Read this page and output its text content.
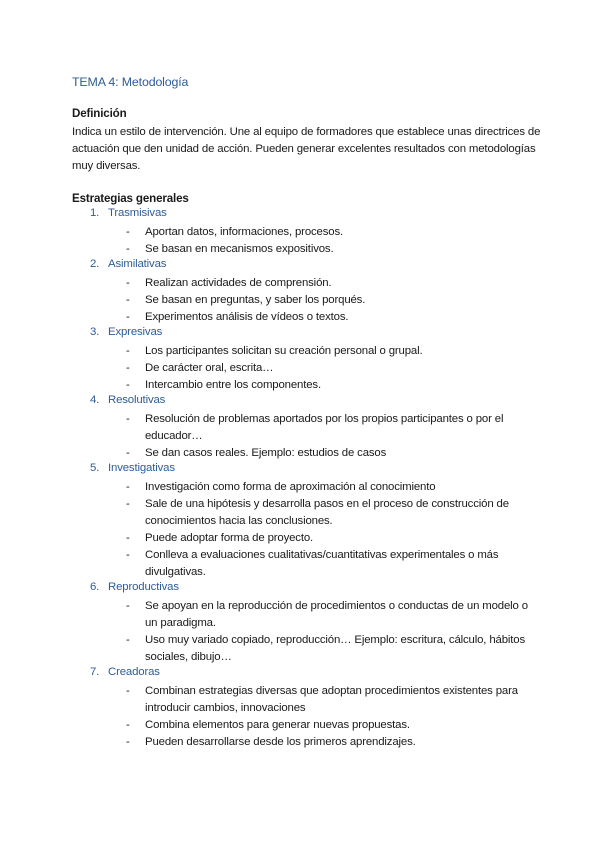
TEMA 4: Metodología
Definición
Indica un estilo de intervención. Une al equipo de formadores que establece unas directrices de actuación que den unidad de acción. Pueden generar excelentes resultados con metodologías muy diversas.
Estrategias generales
1. Trasmisivas
- Aportan datos, informaciones, procesos.
- Se basan en mecanismos expositivos.
2. Asimilativas
- Realizan actividades de comprensión.
- Se basan en preguntas, y saber los porqués.
- Experimentos análisis de vídeos o textos.
3. Expresivas
- Los participantes solicitan su creación personal o grupal.
- De carácter oral, escrita…
- Intercambio entre los componentes.
4. Resolutivas
- Resolución de problemas aportados por los propios participantes o por el educador…
- Se dan casos reales. Ejemplo: estudios de casos
5. Investigativas
- Investigación como forma de aproximación al conocimiento
- Sale de una hipótesis y desarrolla pasos en el proceso de construcción de conocimientos hacia las conclusiones.
- Puede adoptar forma de proyecto.
- Conlleva a evaluaciones cualitativas/cuantitativas experimentales o más divulgativas.
6. Reproductivas
- Se apoyan en la reproducción de procedimientos o conductas de un modelo o un paradigma.
- Uso muy variado copiado, reproducción… Ejemplo: escritura, cálculo, hábitos sociales, dibujo…
7. Creadoras
- Combinan estrategias diversas que adoptan procedimientos existentes para introducir cambios, innovaciones
- Combina elementos para generar nuevas propuestas.
- Pueden desarrollarse desde los primeros aprendizajes.
